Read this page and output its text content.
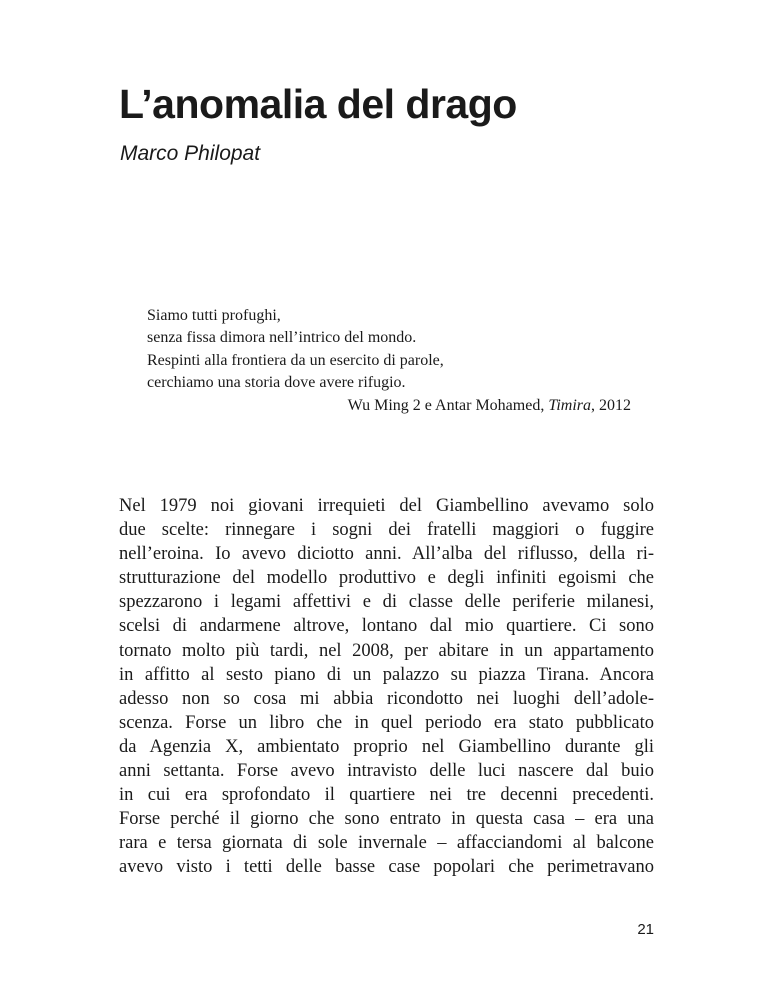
L’anomalia del drago

Marco Philopat

Siamo tutti profughi,
senza fissa dimora nell’intrico del mondo.
Respinti alla frontiera da un esercito di parole,
cerchiamo una storia dove avere rifugio.
Wu Ming 2 e Antar Mohamed, Timira, 2012
Nel 1979 noi giovani irrequieti del Giambellino avevamo solo
due scelte: rinnegare i sogni dei fratelli maggiori o fuggire
nell’eroina. Io avevo diciotto anni. All’alba del riflusso, della ri-
strutturazione del modello produttivo e degli infiniti egoismi che
spezzarono i legami affettivi e di classe delle periferie milanesi,
scelsi di andarmene altrove, lontano dal mio quartiere. Ci sono
tornato molto più tardi, nel 2008, per abitare in un appartamento
in affitto al sesto piano di un palazzo su piazza Tirana. Ancora
adesso non so cosa mi abbia ricondotto nei luoghi dell’adole-
scenza. Forse un libro che in quel periodo era stato pubblicato
da Agenzia X, ambientato proprio nel Giambellino durante gli
anni settanta. Forse avevo intravisto delle luci nascere dal buio
in cui era sprofondato il quartiere nei tre decenni precedenti.
Forse perché il giorno che sono entrato in questa casa – era una
rara e tersa giornata di sole invernale – affacciandomi al balcone
avevo visto i tetti delle basse case popolari che perimetravano
21
